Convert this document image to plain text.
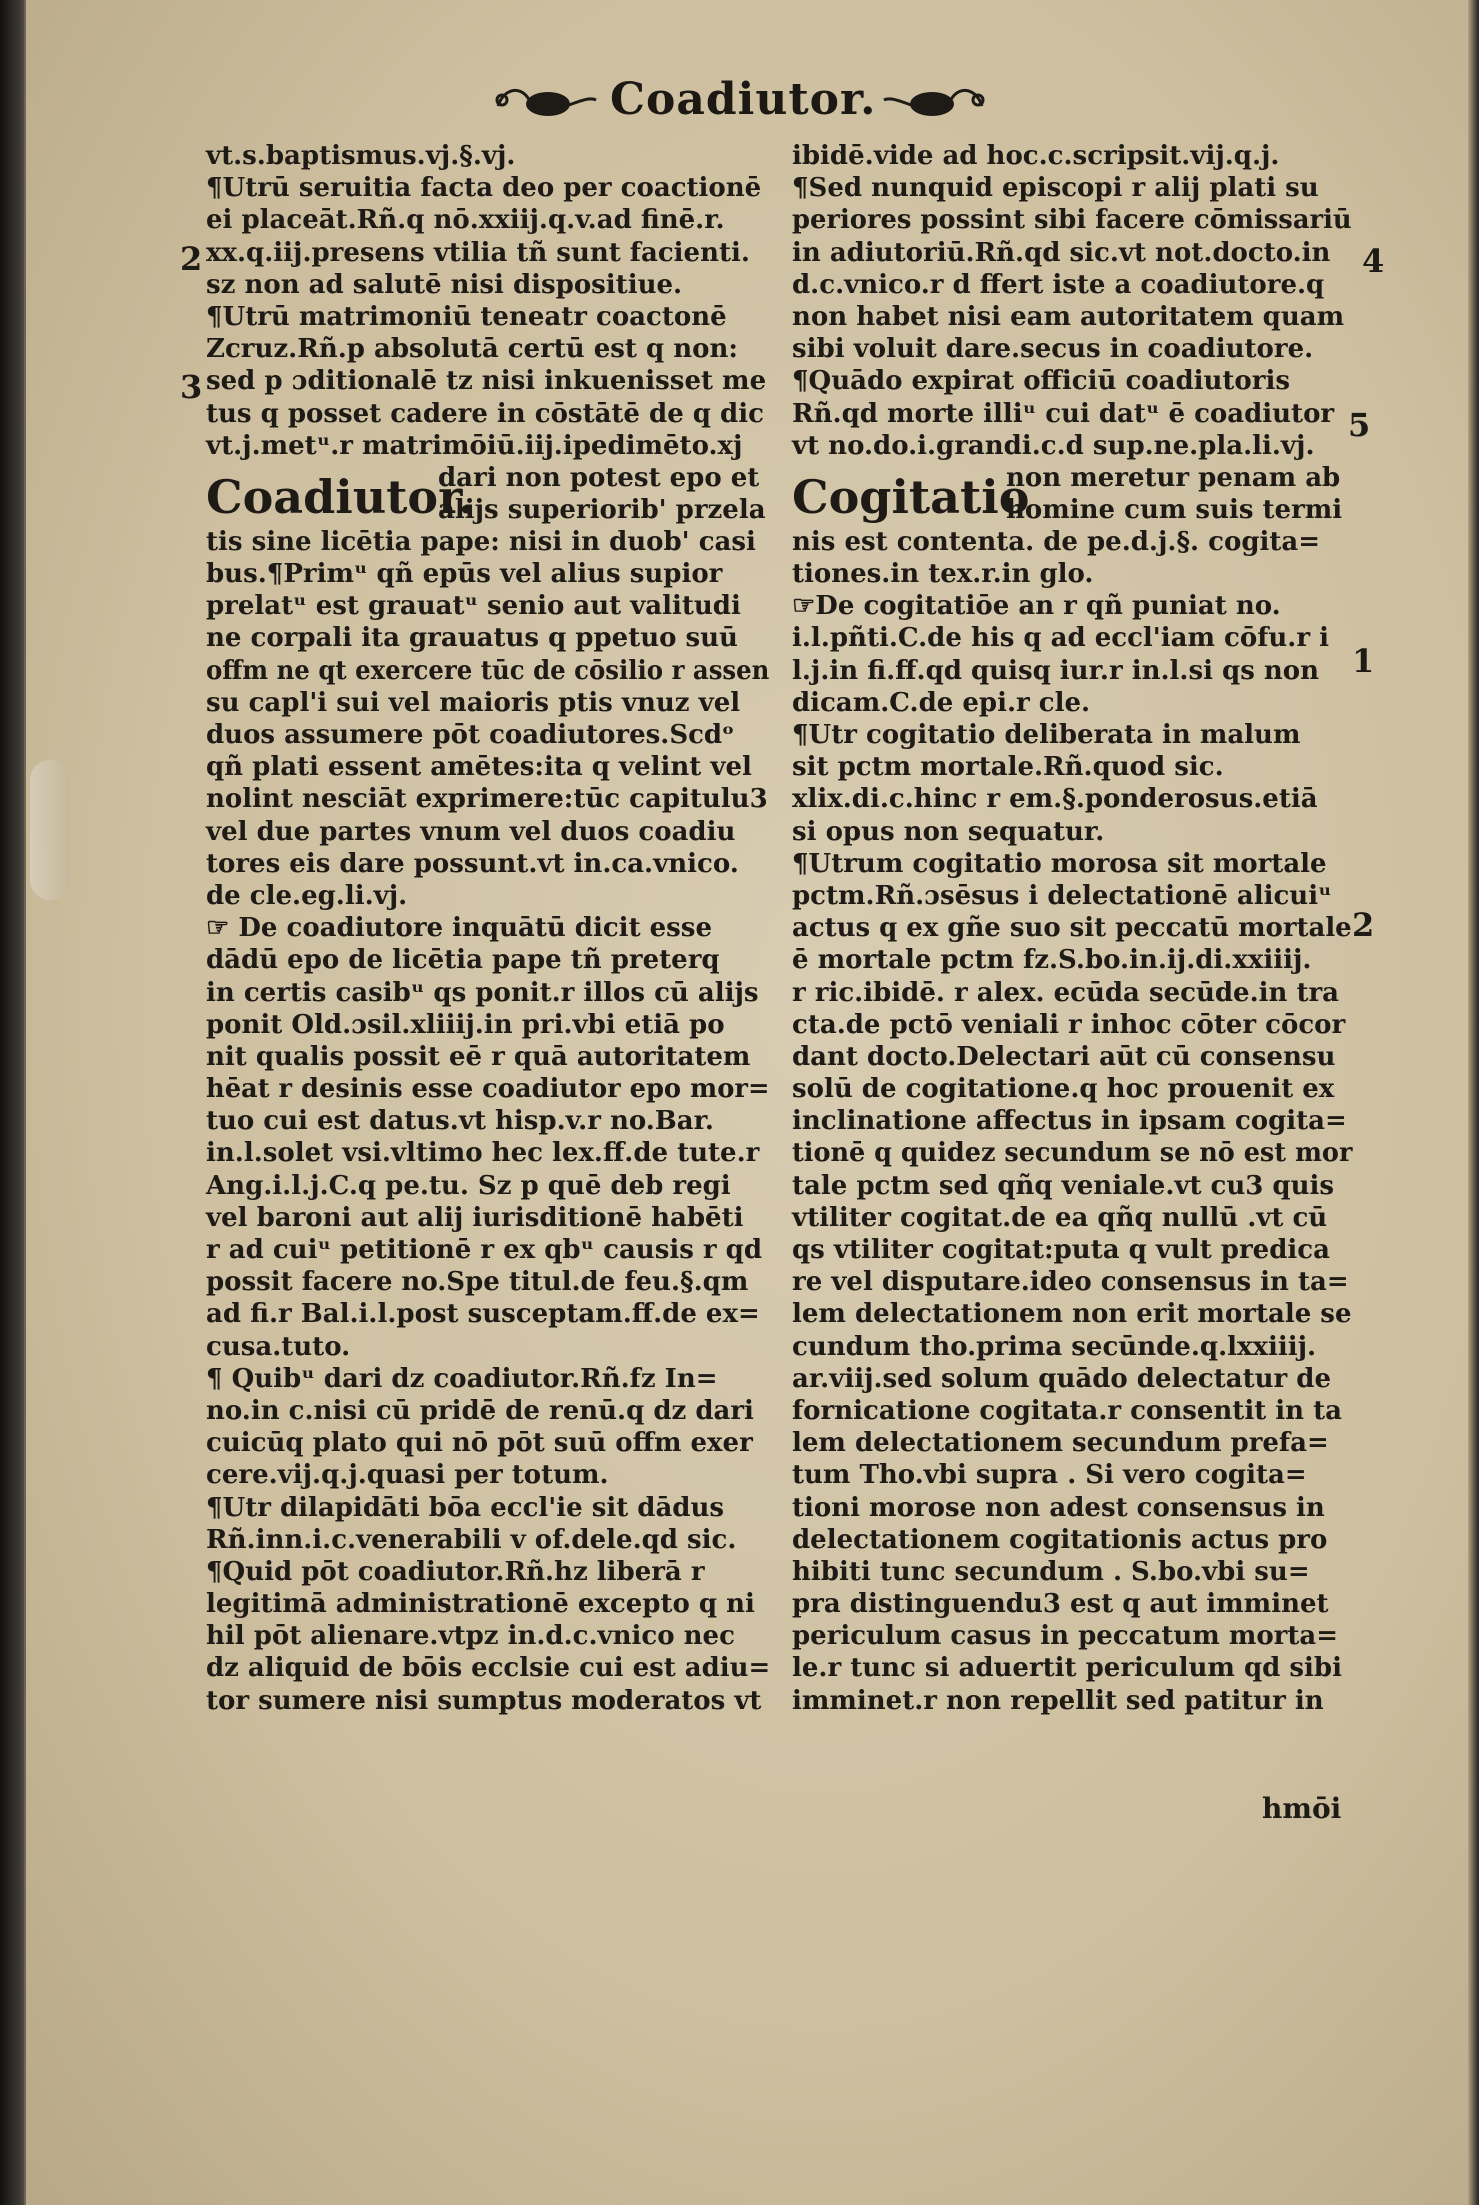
Coadiutor.
vt.s.baptismus.vj.§.vj.
¶Utrū seruitia facta deo per coactionē
ei placeāt.Rñ.q nō.xxiij.q.v.ad finē.r.
xx.q.iij.presens vtilia tñ sunt facienti.
sz non ad salutē nisi dispositiue.
¶Utrū matrimoniū teneatr coactonē
Zcruz.Rñ.p absolutā certū est q non:
sed p ɔditionalē tz nisi inkuenisset me
tus q posset cadere in cōstātē de q dic
vt.j.metᵘ.r matrimōiū.iij.ipedimēto.xj
Coadiutor.
dari non potest epo et
alijs superiorib' przela
tis sine licētia pape: nisi in duob' casi
bus.¶Primᵘ qñ epūs vel alius supior
prelatᵘ est grauatᵘ senio aut valitudi
ne corpali ita grauatus q ppetuo suū
offm ne qt exercere tūc de cōsilio r assen
su capl'i sui vel maioris ptis vnuz vel
duos assumere pōt coadiutores.Scdᵒ
qñ plati essent amētes:ita q velint vel
nolint nesciāt exprimere:tūc capitulu3
vel due partes vnum vel duos coadiu
tores eis dare possunt.vt in.ca.vnico.
de cle.eg.li.vj.
☞ De coadiutore inquātū dicit esse
dādū epo de licētia pape tñ preterq
in certis casibᵘ qs ponit.r illos cū alijs
ponit Old.ɔsil.xliiij.in pri.vbi etiā po
nit qualis possit eē r quā autoritatem
hēat r desinis esse coadiutor epo mor=
tuo cui est datus.vt hisp.v.r no.Bar.
in.l.solet vsi.vltimo hec lex.ff.de tute.r
Ang.i.l.j.C.q pe.tu. Sz p quē deb regi
vel baroni aut alij iurisditionē habēti
r ad cuiᵘ petitionē r ex qbᵘ causis r qd
possit facere no.Spe titul.de feu.§.qm
ad fi.r Bal.i.l.post susceptam.ff.de ex=
cusa.tuto.
¶ Quibᵘ dari dz coadiutor.Rñ.fz In=
no.in c.nisi cū pridē de renū.q dz dari
cuicūq plato qui nō pōt suū offm exer
cere.vij.q.j.quasi per totum.
¶Utr dilapidāti bōa eccl'ie sit dādus
Rñ.inn.i.c.venerabili v of.dele.qd sic.
¶Quid pōt coadiutor.Rñ.hz liberā r
legitimā administrationē excepto q ni
hil pōt alienare.vtpz in.d.c.vnico nec
dz aliquid de bōis ecclsie cui est adiu=
tor sumere nisi sumptus moderatos vt
ibidē.vide ad hoc.c.scripsit.vij.q.j.
¶Sed nunquid episcopi r alij plati su
periores possint sibi facere cōmissariū
in adiutoriū.Rñ.qd sic.vt not.docto.in
d.c.vnico.r d ffert iste a coadiutore.q
non habet nisi eam autoritatem quam
sibi voluit dare.secus in coadiutore.
¶Quādo expirat officiū coadiutoris
Rñ.qd morte illiᵘ cui datᵘ ē coadiutor
vt no.do.i.grandi.c.d sup.ne.pla.li.vj.
Cogitatio
non meretur penam ab
homine cum suis termi
nis est contenta. de pe.d.j.§. cogita=
tiones.in tex.r.in glo.
☞De cogitatiōe an r qñ puniat no.
i.l.pñti.C.de his q ad eccl'iam cōfu.r i
l.j.in fi.ff.qd quisq iur.r in.l.si qs non
dicam.C.de epi.r cle.
¶Utr cogitatio deliberata in malum
sit pctm mortale.Rñ.quod sic.
xlix.di.c.hinc r em.§.ponderosus.etiā
si opus non sequatur.
¶Utrum cogitatio morosa sit mortale
pctm.Rñ.ɔsēsus i delectationē alicuiᵘ
actus q ex gñe suo sit peccatū mortale
ē mortale pctm fz.S.bo.in.ij.di.xxiiij.
r ric.ibidē. r alex. ecūda secūde.in tra
cta.de pctō veniali r inhoc cōter cōcor
dant docto.Delectari aūt cū consensu
solū de cogitatione.q hoc prouenit ex
inclinatione affectus in ipsam cogita=
tionē q quidez secundum se nō est mor
tale pctm sed qñq veniale.vt cu3 quis
vtiliter cogitat.de ea qñq nullū .vt cū
qs vtiliter cogitat:puta q vult predica
re vel disputare.ideo consensus in ta=
lem delectationem non erit mortale se
cundum tho.prima secūnde.q.lxxiiij.
ar.viij.sed solum quādo delectatur de
fornicatione cogitata.r consentit in ta
lem delectationem secundum prefa=
tum Tho.vbi supra . Si vero cogita=
tioni morose non adest consensus in
delectationem cogitationis actus pro
hibiti tunc secundum . S.bo.vbi su=
pra distinguendu3 est q aut imminet
periculum casus in peccatum morta=
le.r tunc si aduertit periculum qd sibi
imminet.r non repellit sed patitur in
hmōi
2
3
4
5
1
2
